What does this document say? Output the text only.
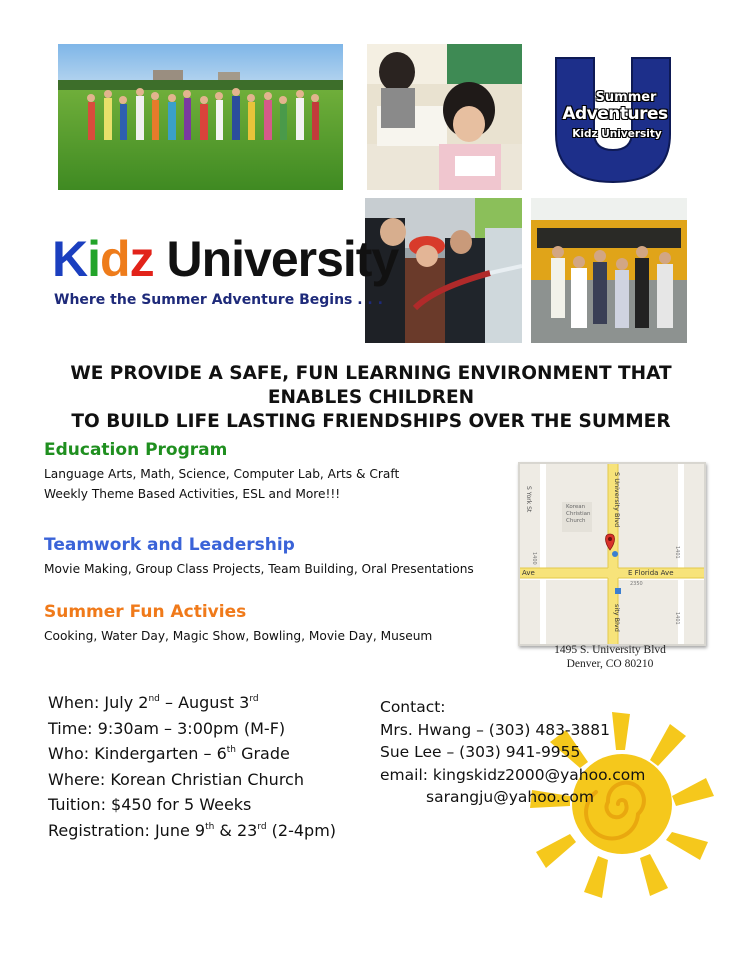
Summer
Adventures
Kidz University
Kidz University
Where the Summer Adventure Begins . . .
WE PROVIDE A SAFE, FUN LEARNING ENVIRONMENT THAT ENABLES CHILDREN
TO BUILD LIFE LASTING FRIENDSHIPS OVER THE SUMMER
Education Program
Language Arts, Math, Science, Computer Lab, Arts & Craft
Weekly Theme Based Activities, ESL and More!!!
Teamwork and Leadership
Movie Making, Group Class Projects, Team Building, Oral Presentations
Summer Fun Activies
Cooking, Water Day, Magic Show, Bowling, Movie Day, Museum
S York St	S University Blvd
sity Blvd
E Florida Ave
Ave
Korean Christian Church
1400
2350
1401
1401
1495 S. University Blvd
Denver, CO 80210
When: July 2nd – August 3rd
Time: 9:30am – 3:00pm (M-F)
Who: Kindergarten – 6th Grade
Where: Korean Christian Church
Tuition: $450 for 5 Weeks
Registration: June 9th & 23rd (2-4pm)
Contact:
Mrs. Hwang – (303) 483-3881
Sue Lee – (303) 941-9955
email: kingskidz2000@yahoo.com
sarangju@yahoo.com
